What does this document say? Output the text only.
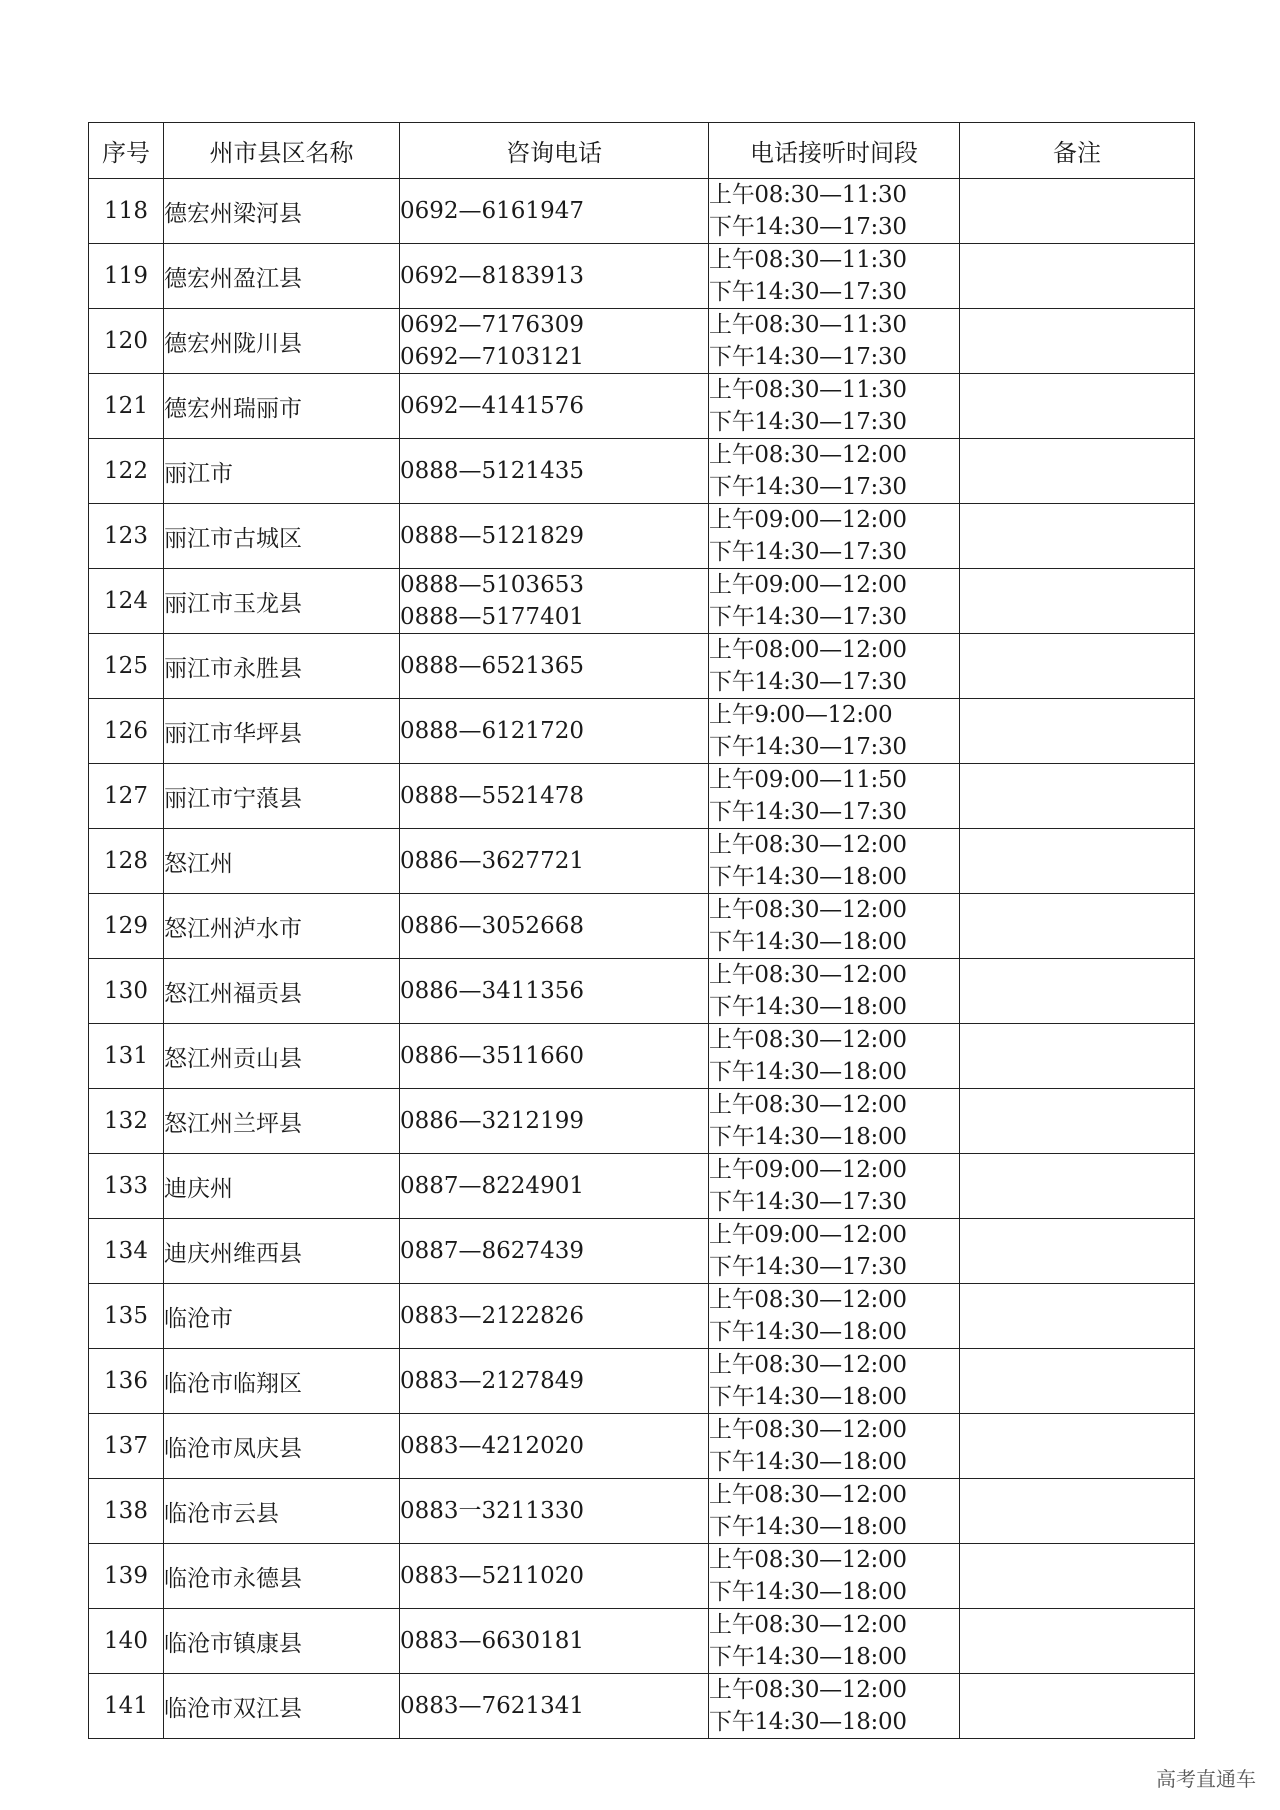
序号	州市县区名称	咨询电话	电话接听时间段	备注
118	德宏州梁河县	0692—6161947	上午08:30—11:30
下午14:30—17:30	

119	德宏州盈江县	0692—8183913	上午08:30—11:30
下午14:30—17:30	

120	德宏州陇川县	0692—7176309
0692—7103121	上午08:30—11:30
下午14:30—17:30	

121	德宏州瑞丽市	0692—4141576	上午08:30—11:30
下午14:30—17:30	

122	丽江市	0888—5121435	上午08:30—12:00
下午14:30—17:30	

123	丽江市古城区	0888—5121829	上午09:00—12:00
下午14:30—17:30	

124	丽江市玉龙县	0888—5103653
0888—5177401	上午09:00—12:00
下午14:30—17:30	

125	丽江市永胜县	0888—6521365	上午08:00—12:00
下午14:30—17:30	

126	丽江市华坪县	0888—6121720	上午9:00—12:00
下午14:30—17:30	

127	丽江市宁蒗县	0888—5521478	上午09:00—11:50
下午14:30—17:30	

128	怒江州	0886—3627721	上午08:30—12:00
下午14:30—18:00	

129	怒江州泸水市	0886—3052668	上午08:30—12:00
下午14:30—18:00	

130	怒江州福贡县	0886—3411356	上午08:30—12:00
下午14:30—18:00	

131	怒江州贡山县	0886—3511660	上午08:30—12:00
下午14:30—18:00	

132	怒江州兰坪县	0886—3212199	上午08:30—12:00
下午14:30—18:00	

133	迪庆州	0887—8224901	上午09:00—12:00
下午14:30—17:30	

134	迪庆州维西县	0887—8627439	上午09:00—12:00
下午14:30—17:30	

135	临沧市	0883—2122826	上午08:30—12:00
下午14:30—18:00	

136	临沧市临翔区	0883—2127849	上午08:30—12:00
下午14:30—18:00	

137	临沧市凤庆县	0883—4212020	上午08:30—12:00
下午14:30—18:00	

138	临沧市云县	0883一3211330	上午08:30—12:00
下午14:30—18:00	

139	临沧市永德县	0883—5211020	上午08:30—12:00
下午14:30—18:00	

140	临沧市镇康县	0883—6630181	上午08:30—12:00
下午14:30—18:00	

141	临沧市双江县	0883—7621341	上午08:30—12:00
下午14:30—18:00	

高考直通车
